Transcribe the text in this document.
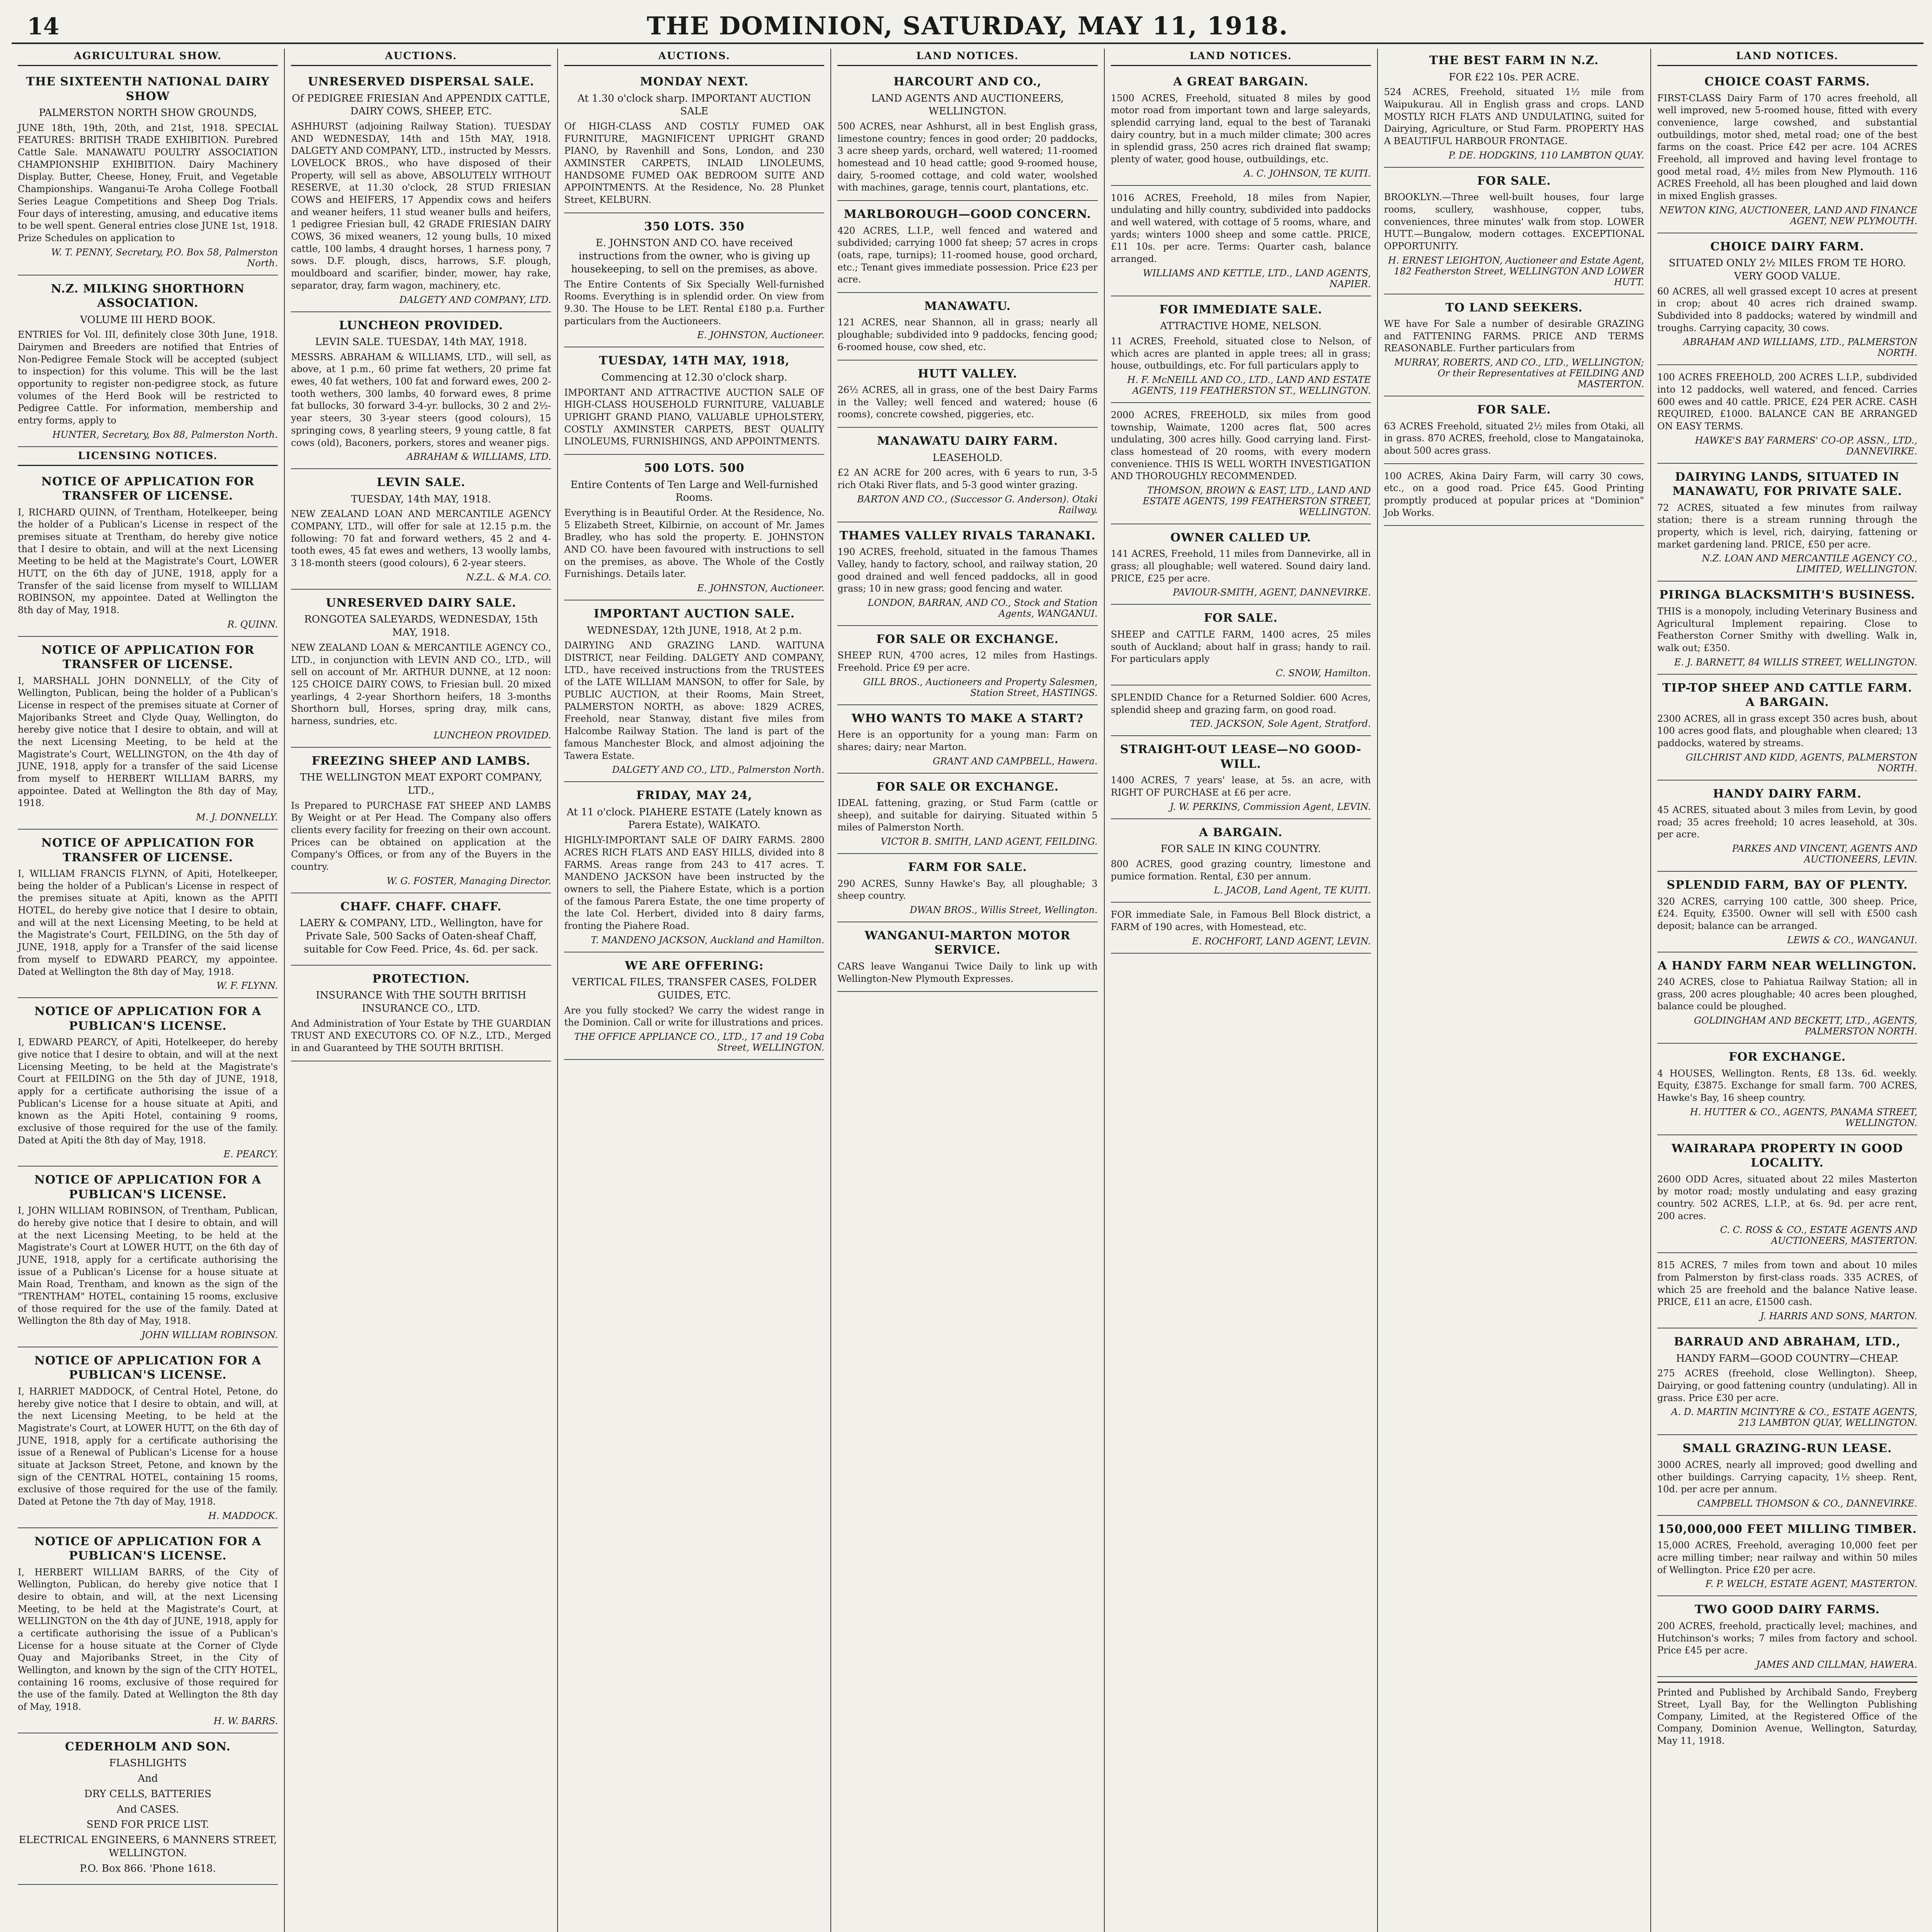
14	THE DOMINION, SATURDAY, MAY 11, 1918.
AGRICULTURAL SHOW.
THE SIXTEENTH NATIONAL DAIRY SHOW
PALMERSTON NORTH SHOW GROUNDS,
JUNE 18th, 19th, 20th, and 21st, 1918. SPECIAL FEATURES: BRITISH TRADE EXHIBITION. Purebred Cattle Sale. MANAWATU POULTRY ASSOCIATION CHAMPIONSHIP EXHIBITION. Dairy Machinery Display. Butter, Cheese, Honey, Fruit, and Vegetable Championships. Wanganui-Te Aroha College Football Series League Competitions and Sheep Dog Trials. Four days of interesting, amusing, and educative items to be well spent. General entries close JUNE 1st, 1918. Prize Schedules on application to
W. T. PENNY, Secretary, P.O. Box 58, Palmerston North.
N.Z. MILKING SHORTHORN ASSOCIATION.
VOLUME III HERD BOOK.
ENTRIES for Vol. III, definitely close 30th June, 1918. Dairymen and Breeders are notified that Entries of Non-Pedigree Female Stock will be accepted (subject to inspection) for this volume. This will be the last opportunity to register non-pedigree stock, as future volumes of the Herd Book will be restricted to Pedigree Cattle. For information, membership and entry forms, apply to
HUNTER, Secretary, Box 88, Palmerston North.
LICENSING NOTICES.
NOTICE OF APPLICATION FOR TRANSFER OF LICENSE.
I, RICHARD QUINN, of Trentham, Hotelkeeper, being the holder of a Publican's License in respect of the premises situate at Trentham, do hereby give notice that I desire to obtain, and will at the next Licensing Meeting to be held at the Magistrate's Court, LOWER HUTT, on the 6th day of JUNE, 1918, apply for a Transfer of the said license from myself to WILLIAM ROBINSON, my appointee. Dated at Wellington the 8th day of May, 1918.
R. QUINN.
NOTICE OF APPLICATION FOR TRANSFER OF LICENSE.
I, MARSHALL JOHN DONNELLY, of the City of Wellington, Publican, being the holder of a Publican's License in respect of the premises situate at Corner of Majoribanks Street and Clyde Quay, Wellington, do hereby give notice that I desire to obtain, and will at the next Licensing Meeting, to be held at the Magistrate's Court, WELLINGTON, on the 4th day of JUNE, 1918, apply for a transfer of the said License from myself to HERBERT WILLIAM BARRS, my appointee. Dated at Wellington the 8th day of May, 1918.
M. J. DONNELLY.
NOTICE OF APPLICATION FOR TRANSFER OF LICENSE.
I, WILLIAM FRANCIS FLYNN, of Apiti, Hotelkeeper, being the holder of a Publican's License in respect of the premises situate at Apiti, known as the APITI HOTEL, do hereby give notice that I desire to obtain, and will at the next Licensing Meeting, to be held at the Magistrate's Court, FEILDING, on the 5th day of JUNE, 1918, apply for a Transfer of the said license from myself to EDWARD PEARCY, my appointee. Dated at Wellington the 8th day of May, 1918.
W. F. FLYNN.
NOTICE OF APPLICATION FOR A PUBLICAN'S LICENSE.
I, EDWARD PEARCY, of Apiti, Hotelkeeper, do hereby give notice that I desire to obtain, and will at the next Licensing Meeting, to be held at the Magistrate's Court at FEILDING on the 5th day of JUNE, 1918, apply for a certificate authorising the issue of a Publican's License for a house situate at Apiti, and known as the Apiti Hotel, containing 9 rooms, exclusive of those required for the use of the family. Dated at Apiti the 8th day of May, 1918.
E. PEARCY.
NOTICE OF APPLICATION FOR A PUBLICAN'S LICENSE.
I, JOHN WILLIAM ROBINSON, of Trentham, Publican, do hereby give notice that I desire to obtain, and will at the next Licensing Meeting, to be held at the Magistrate's Court at LOWER HUTT, on the 6th day of JUNE, 1918, apply for a certificate authorising the issue of a Publican's License for a house situate at Main Road, Trentham, and known as the sign of the "TRENTHAM" HOTEL, containing 15 rooms, exclusive of those required for the use of the family. Dated at Wellington the 8th day of May, 1918.
JOHN WILLIAM ROBINSON.
NOTICE OF APPLICATION FOR A PUBLICAN'S LICENSE.
I, HARRIET MADDOCK, of Central Hotel, Petone, do hereby give notice that I desire to obtain, and will, at the next Licensing Meeting, to be held at the Magistrate's Court, at LOWER HUTT, on the 6th day of JUNE, 1918, apply for a certificate authorising the issue of a Renewal of Publican's License for a house situate at Jackson Street, Petone, and known by the sign of the CENTRAL HOTEL, containing 15 rooms, exclusive of those required for the use of the family. Dated at Petone the 7th day of May, 1918.
H. MADDOCK.
NOTICE OF APPLICATION FOR A PUBLICAN'S LICENSE.
I, HERBERT WILLIAM BARRS, of the City of Wellington, Publican, do hereby give notice that I desire to obtain, and will, at the next Licensing Meeting, to be held at the Magistrate's Court, at WELLINGTON on the 4th day of JUNE, 1918, apply for a certificate authorising the issue of a Publican's License for a house situate at the Corner of Clyde Quay and Majoribanks Street, in the City of Wellington, and known by the sign of the CITY HOTEL, containing 16 rooms, exclusive of those required for the use of the family. Dated at Wellington the 8th day of May, 1918.
H. W. BARRS.
CEDERHOLM AND SON.
FLASHLIGHTS
And
DRY CELLS, BATTERIES
And CASES.
SEND FOR PRICE LIST.
ELECTRICAL ENGINEERS, 6 MANNERS STREET, WELLINGTON.
P.O. Box 866. 'Phone 1618.
AUCTIONS.
UNRESERVED DISPERSAL SALE.
Of PEDIGREE FRIESIAN And APPENDIX CATTLE, DAIRY COWS, SHEEP, ETC.
ASHHURST (adjoining Railway Station). TUESDAY AND WEDNESDAY, 14th and 15th MAY, 1918. DALGETY AND COMPANY, LTD., instructed by Messrs. LOVELOCK BROS., who have disposed of their Property, will sell as above, ABSOLUTELY WITHOUT RESERVE, at 11.30 o'clock, 28 STUD FRIESIAN COWS and HEIFERS, 17 Appendix cows and heifers and weaner heifers, 11 stud weaner bulls and heifers, 1 pedigree Friesian bull, 42 GRADE FRIESIAN DAIRY COWS, 36 mixed weaners, 12 young bulls, 10 mixed cattle, 100 lambs, 4 draught horses, 1 harness pony, 7 sows. D.F. plough, discs, harrows, S.F. plough, mouldboard and scarifier, binder, mower, hay rake, separator, dray, farm wagon, machinery, etc.
DALGETY AND COMPANY, LTD.
LUNCHEON PROVIDED.
LEVIN SALE. TUESDAY, 14th MAY, 1918.
MESSRS. ABRAHAM & WILLIAMS, LTD., will sell, as above, at 1 p.m., 60 prime fat wethers, 20 prime fat ewes, 40 fat wethers, 100 fat and forward ewes, 200 2-tooth wethers, 300 lambs, 40 forward ewes, 8 prime fat bullocks, 30 forward 3-4-yr. bullocks, 30 2 and 2½-year steers, 30 3-year steers (good colours), 15 springing cows, 8 yearling steers, 9 young cattle, 8 fat cows (old), Baconers, porkers, stores and weaner pigs.
ABRAHAM & WILLIAMS, LTD.
LEVIN SALE.
TUESDAY, 14th MAY, 1918.
NEW ZEALAND LOAN AND MERCANTILE AGENCY COMPANY, LTD., will offer for sale at 12.15 p.m. the following: 70 fat and forward wethers, 45 2 and 4-tooth ewes, 45 fat ewes and wethers, 13 woolly lambs, 3 18-month steers (good colours), 6 2-year steers.
N.Z.L. & M.A. CO.
UNRESERVED DAIRY SALE.
RONGOTEA SALEYARDS, WEDNESDAY, 15th MAY, 1918.
NEW ZEALAND LOAN & MERCANTILE AGENCY CO., LTD., in conjunction with LEVIN AND CO., LTD., will sell on account of Mr. ARTHUR DUNNE, at 12 noon: 125 CHOICE DAIRY COWS, to Friesian bull. 20 mixed yearlings, 4 2-year Shorthorn heifers, 18 3-months Shorthorn bull, Horses, spring dray, milk cans, harness, sundries, etc.
LUNCHEON PROVIDED.
FREEZING SHEEP AND LAMBS.
THE WELLINGTON MEAT EXPORT COMPANY, LTD.,
Is Prepared to PURCHASE FAT SHEEP AND LAMBS By Weight or at Per Head. The Company also offers clients every facility for freezing on their own account. Prices can be obtained on application at the Company's Offices, or from any of the Buyers in the country.
W. G. FOSTER, Managing Director.
CHAFF. CHAFF. CHAFF.
LAERY & COMPANY, LTD., Wellington, have for Private Sale, 500 Sacks of Oaten-sheaf Chaff, suitable for Cow Feed. Price, 4s. 6d. per sack.
PROTECTION.
INSURANCE With THE SOUTH BRITISH INSURANCE CO., LTD.
And Administration of Your Estate by THE GUARDIAN TRUST AND EXECUTORS CO. OF N.Z., LTD., Merged in and Guaranteed by THE SOUTH BRITISH.
AUCTIONS.
MONDAY NEXT.
At 1.30 o'clock sharp. IMPORTANT AUCTION SALE
Of HIGH-CLASS AND COSTLY FUMED OAK FURNITURE, MAGNIFICENT UPRIGHT GRAND PIANO, by Ravenhill and Sons, London, and 230 AXMINSTER CARPETS, INLAID LINOLEUMS, HANDSOME FUMED OAK BEDROOM SUITE AND APPOINTMENTS. At the Residence, No. 28 Plunket Street, KELBURN.
350 LOTS. 350
E. JOHNSTON AND CO. have received instructions from the owner, who is giving up housekeeping, to sell on the premises, as above.
The Entire Contents of Six Specially Well-furnished Rooms. Everything is in splendid order. On view from 9.30. The House to be LET. Rental £180 p.a. Further particulars from the Auctioneers.
E. JOHNSTON, Auctioneer.
TUESDAY, 14TH MAY, 1918,
Commencing at 12.30 o'clock sharp.
IMPORTANT AND ATTRACTIVE AUCTION SALE OF HIGH-CLASS HOUSEHOLD FURNITURE, VALUABLE UPRIGHT GRAND PIANO, VALUABLE UPHOLSTERY, COSTLY AXMINSTER CARPETS, BEST QUALITY LINOLEUMS, FURNISHINGS, AND APPOINTMENTS.
500 LOTS. 500
Entire Contents of Ten Large and Well-furnished Rooms.
Everything is in Beautiful Order. At the Residence, No. 5 Elizabeth Street, Kilbirnie, on account of Mr. James Bradley, who has sold the property. E. JOHNSTON AND CO. have been favoured with instructions to sell on the premises, as above. The Whole of the Costly Furnishings. Details later.
E. JOHNSTON, Auctioneer.
IMPORTANT AUCTION SALE.
WEDNESDAY, 12th JUNE, 1918, At 2 p.m.
DAIRYING AND GRAZING LAND. WAITUNA DISTRICT, near Feilding. DALGETY AND COMPANY, LTD., have received instructions from the TRUSTEES of the LATE WILLIAM MANSON, to offer for Sale, by PUBLIC AUCTION, at their Rooms, Main Street, PALMERSTON NORTH, as above: 1829 ACRES, Freehold, near Stanway, distant five miles from Halcombe Railway Station. The land is part of the famous Manchester Block, and almost adjoining the Tawera Estate.
DALGETY AND CO., LTD., Palmerston North.
FRIDAY, MAY 24,
At 11 o'clock. PIAHERE ESTATE (Lately known as Parera Estate), WAIKATO.
HIGHLY-IMPORTANT SALE OF DAIRY FARMS. 2800 ACRES RICH FLATS AND EASY HILLS, divided into 8 FARMS. Areas range from 243 to 417 acres. T. MANDENO JACKSON have been instructed by the owners to sell, the Piahere Estate, which is a portion of the famous Parera Estate, the one time property of the late Col. Herbert, divided into 8 dairy farms, fronting the Piahere Road.
T. MANDENO JACKSON, Auckland and Hamilton.
WE ARE OFFERING:
VERTICAL FILES, TRANSFER CASES, FOLDER GUIDES, ETC.
Are you fully stocked? We carry the widest range in the Dominion. Call or write for illustrations and prices.
THE OFFICE APPLIANCE CO., LTD., 17 and 19 Coba Street, WELLINGTON.
LAND NOTICES.
HARCOURT AND CO.,
LAND AGENTS AND AUCTIONEERS, WELLINGTON.
500 ACRES, near Ashhurst, all in best English grass, limestone country; fences in good order; 20 paddocks, 3 acre sheep yards, orchard, well watered; 11-roomed homestead and 10 head cattle; good 9-roomed house, dairy, 5-roomed cottage, and cold water, woolshed with machines, garage, tennis court, plantations, etc.
MARLBOROUGH—GOOD CONCERN.
420 ACRES, L.I.P., well fenced and watered and subdivided; carrying 1000 fat sheep; 57 acres in crops (oats, rape, turnips); 11-roomed house, good orchard, etc.; Tenant gives immediate possession. Price £23 per acre.
MANAWATU.
121 ACRES, near Shannon, all in grass; nearly all ploughable; subdivided into 9 paddocks, fencing good; 6-roomed house, cow shed, etc.
HUTT VALLEY.
26½ ACRES, all in grass, one of the best Dairy Farms in the Valley; well fenced and watered; house (6 rooms), concrete cowshed, piggeries, etc.
MANAWATU DAIRY FARM.
LEASEHOLD.
£2 AN ACRE for 200 acres, with 6 years to run, 3-5 rich Otaki River flats, and 5-3 good winter grazing.
BARTON AND CO., (Successor G. Anderson). Otaki Railway.
THAMES VALLEY RIVALS TARANAKI.
190 ACRES, freehold, situated in the famous Thames Valley, handy to factory, school, and railway station, 20 good drained and well fenced paddocks, all in good grass; 10 in new grass; good fencing and water.
LONDON, BARRAN, AND CO., Stock and Station Agents, WANGANUI.
FOR SALE OR EXCHANGE.
SHEEP RUN, 4700 acres, 12 miles from Hastings. Freehold. Price £9 per acre.
GILL BROS., Auctioneers and Property Salesmen, Station Street, HASTINGS.
WHO WANTS TO MAKE A START?
Here is an opportunity for a young man: Farm on shares; dairy; near Marton.
GRANT AND CAMPBELL, Hawera.
FOR SALE OR EXCHANGE.
IDEAL fattening, grazing, or Stud Farm (cattle or sheep), and suitable for dairying. Situated within 5 miles of Palmerston North.
VICTOR B. SMITH, LAND AGENT, FEILDING.
FARM FOR SALE.
290 ACRES, Sunny Hawke's Bay, all ploughable; 3 sheep country.
DWAN BROS., Willis Street, Wellington.
WANGANUI-MARTON MOTOR SERVICE.
CARS leave Wanganui Twice Daily to link up with Wellington-New Plymouth Expresses.
LAND NOTICES.
A GREAT BARGAIN.
1500 ACRES, Freehold, situated 8 miles by good motor road from important town and large saleyards, splendid carrying land, equal to the best of Taranaki dairy country, but in a much milder climate; 300 acres in splendid grass, 250 acres rich drained flat swamp; plenty of water, good house, outbuildings, etc.
A. C. JOHNSON, TE KUITI.
1016 ACRES, Freehold, 18 miles from Napier, undulating and hilly country, subdivided into paddocks and well watered, with cottage of 5 rooms, whare, and yards; winters 1000 sheep and some cattle. PRICE, £11 10s. per acre. Terms: Quarter cash, balance arranged.
WILLIAMS AND KETTLE, LTD., LAND AGENTS, NAPIER.
FOR IMMEDIATE SALE.
ATTRACTIVE HOME, NELSON.
11 ACRES, Freehold, situated close to Nelson, of which acres are planted in apple trees; all in grass; house, outbuildings, etc. For full particulars apply to
H. F. McNEILL AND CO., LTD., LAND AND ESTATE AGENTS, 119 FEATHERSTON ST., WELLINGTON.
2000 ACRES, FREEHOLD, six miles from good township, Waimate, 1200 acres flat, 500 acres undulating, 300 acres hilly. Good carrying land. First-class homestead of 20 rooms, with every modern convenience. THIS IS WELL WORTH INVESTIGATION AND THOROUGHLY RECOMMENDED.
THOMSON, BROWN & EAST, LTD., LAND AND ESTATE AGENTS, 199 FEATHERSTON STREET, WELLINGTON.
OWNER CALLED UP.
141 ACRES, Freehold, 11 miles from Dannevirke, all in grass; all ploughable; well watered. Sound dairy land. PRICE, £25 per acre.
PAVIOUR-SMITH, AGENT, DANNEVIRKE.
FOR SALE.
SHEEP and CATTLE FARM, 1400 acres, 25 miles south of Auckland; about half in grass; handy to rail. For particulars apply
C. SNOW, Hamilton.
SPLENDID Chance for a Returned Soldier. 600 Acres, splendid sheep and grazing farm, on good road.
TED. JACKSON, Sole Agent, Stratford.
STRAIGHT-OUT LEASE—NO GOOD-WILL.
1400 ACRES, 7 years' lease, at 5s. an acre, with RIGHT OF PURCHASE at £6 per acre.
J. W. PERKINS, Commission Agent, LEVIN.
A BARGAIN.
FOR SALE IN KING COUNTRY.
800 ACRES, good grazing country, limestone and pumice formation. Rental, £30 per annum.
L. JACOB, Land Agent, TE KUITI.
FOR immediate Sale, in Famous Bell Block district, a FARM of 190 acres, with Homestead, etc.
E. ROCHFORT, LAND AGENT, LEVIN.
THE BEST FARM IN N.Z.
FOR £22 10s. PER ACRE.
524 ACRES, Freehold, situated 1½ mile from Waipukurau. All in English grass and crops. LAND MOSTLY RICH FLATS AND UNDULATING, suited for Dairying, Agriculture, or Stud Farm. PROPERTY HAS A BEAUTIFUL HARBOUR FRONTAGE.
P. DE. HODGKINS, 110 LAMBTON QUAY.
FOR SALE.
BROOKLYN.—Three well-built houses, four large rooms, scullery, washhouse, copper, tubs, conveniences, three minutes' walk from stop. LOWER HUTT.—Bungalow, modern cottages. EXCEPTIONAL OPPORTUNITY.
H. ERNEST LEIGHTON, Auctioneer and Estate Agent, 182 Featherston Street, WELLINGTON AND LOWER HUTT.
TO LAND SEEKERS.
WE have For Sale a number of desirable GRAZING and FATTENING FARMS. PRICE AND TERMS REASONABLE. Further particulars from
MURRAY, ROBERTS, AND CO., LTD., WELLINGTON; Or their Representatives at FEILDING AND MASTERTON.
FOR SALE.
63 ACRES Freehold, situated 2½ miles from Otaki, all in grass. 870 ACRES, freehold, close to Mangatainoka, about 500 acres grass.
100 ACRES, Akina Dairy Farm, will carry 30 cows, etc., on a good road. Price £45. Good Printing promptly produced at popular prices at "Dominion" Job Works.
LAND NOTICES.
CHOICE COAST FARMS.
FIRST-CLASS Dairy Farm of 170 acres freehold, all well improved, new 5-roomed house, fitted with every convenience, large cowshed, and substantial outbuildings, motor shed, metal road; one of the best farms on the coast. Price £42 per acre. 104 ACRES Freehold, all improved and having level frontage to good metal road, 4½ miles from New Plymouth. 116 ACRES Freehold, all has been ploughed and laid down in mixed English grasses.
NEWTON KING, AUCTIONEER, LAND AND FINANCE AGENT, NEW PLYMOUTH.
CHOICE DAIRY FARM.
SITUATED ONLY 2½ MILES FROM TE HORO. VERY GOOD VALUE.
60 ACRES, all well grassed except 10 acres at present in crop; about 40 acres rich drained swamp. Subdivided into 8 paddocks; watered by windmill and troughs. Carrying capacity, 30 cows.
ABRAHAM AND WILLIAMS, LTD., PALMERSTON NORTH.
100 ACRES FREEHOLD, 200 ACRES L.I.P., subdivided into 12 paddocks, well watered, and fenced. Carries 600 ewes and 40 cattle. PRICE, £24 PER ACRE. CASH REQUIRED, £1000. BALANCE CAN BE ARRANGED ON EASY TERMS.
HAWKE'S BAY FARMERS' CO-OP. ASSN., LTD., DANNEVIRKE.
DAIRYING LANDS, SITUATED IN MANAWATU, FOR PRIVATE SALE.
72 ACRES, situated a few minutes from railway station; there is a stream running through the property, which is level, rich, dairying, fattening or market gardening land. PRICE, £50 per acre.
N.Z. LOAN AND MERCANTILE AGENCY CO., LIMITED, WELLINGTON.
PIRINGA BLACKSMITH'S BUSINESS.
THIS is a monopoly, including Veterinary Business and Agricultural Implement repairing. Close to Featherston Corner Smithy with dwelling. Walk in, walk out; £350.
E. J. BARNETT, 84 WILLIS STREET, WELLINGTON.
TIP-TOP SHEEP AND CATTLE FARM. A BARGAIN.
2300 ACRES, all in grass except 350 acres bush, about 100 acres good flats, and ploughable when cleared; 13 paddocks, watered by streams.
GILCHRIST AND KIDD, AGENTS, PALMERSTON NORTH.
HANDY DAIRY FARM.
45 ACRES, situated about 3 miles from Levin, by good road; 35 acres freehold; 10 acres leasehold, at 30s. per acre.
PARKES AND VINCENT, AGENTS AND AUCTIONEERS, LEVIN.
SPLENDID FARM, BAY OF PLENTY.
320 ACRES, carrying 100 cattle, 300 sheep. Price, £24. Equity, £3500. Owner will sell with £500 cash deposit; balance can be arranged.
LEWIS & CO., WANGANUI.
A HANDY FARM NEAR WELLINGTON.
240 ACRES, close to Pahiatua Railway Station; all in grass, 200 acres ploughable; 40 acres been ploughed, balance could be ploughed.
GOLDINGHAM AND BECKETT, LTD., AGENTS, PALMERSTON NORTH.
FOR EXCHANGE.
4 HOUSES, Wellington. Rents, £8 13s. 6d. weekly. Equity, £3875. Exchange for small farm. 700 ACRES, Hawke's Bay, 16 sheep country.
H. HUTTER & CO., AGENTS, PANAMA STREET, WELLINGTON.
WAIRARAPA PROPERTY IN GOOD LOCALITY.
2600 ODD Acres, situated about 22 miles Masterton by motor road; mostly undulating and easy grazing country. 502 ACRES, L.I.P., at 6s. 9d. per acre rent, 200 acres.
C. C. ROSS & CO., ESTATE AGENTS AND AUCTIONEERS, MASTERTON.
815 ACRES, 7 miles from town and about 10 miles from Palmerston by first-class roads. 335 ACRES, of which 25 are freehold and the balance Native lease. PRICE, £11 an acre, £1500 cash.
J. HARRIS AND SONS, MARTON.
BARRAUD AND ABRAHAM, LTD.,
HANDY FARM—GOOD COUNTRY—CHEAP.
275 ACRES (freehold, close Wellington). Sheep, Dairying, or good fattening country (undulating). All in grass. Price £30 per acre.
A. D. MARTIN MCINTYRE & CO., ESTATE AGENTS, 213 LAMBTON QUAY, WELLINGTON.
SMALL GRAZING-RUN LEASE.
3000 ACRES, nearly all improved; good dwelling and other buildings. Carrying capacity, 1½ sheep. Rent, 10d. per acre per annum.
CAMPBELL THOMSON & CO., DANNEVIRKE.
150,000,000 FEET MILLING TIMBER.
15,000 ACRES, Freehold, averaging 10,000 feet per acre milling timber; near railway and within 50 miles of Wellington. Price £20 per acre.
F. P. WELCH, ESTATE AGENT, MASTERTON.
TWO GOOD DAIRY FARMS.
200 ACRES, freehold, practically level; machines, and Hutchinson's works; 7 miles from factory and school. Price £45 per acre.
JAMES AND CILLMAN, HAWERA.
Printed and Published by Archibald Sando, Freyberg Street, Lyall Bay, for the Wellington Publishing Company, Limited, at the Registered Office of the Company, Dominion Avenue, Wellington, Saturday, May 11, 1918.
